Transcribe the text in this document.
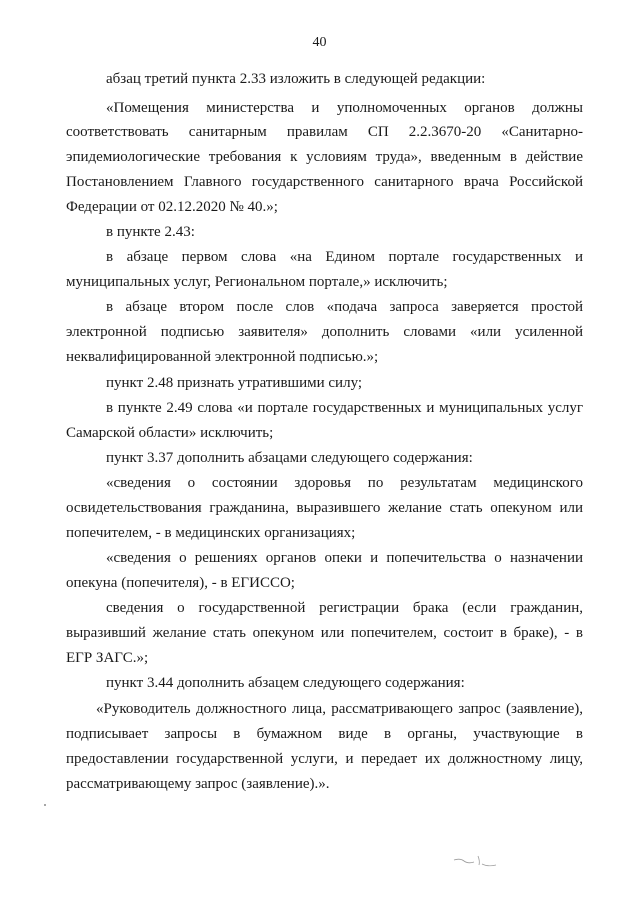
40
абзац третий пункта 2.33 изложить в следующей редакции:
«Помещения министерства и уполномоченных органов должны
соответствовать санитарным правилам СП 2.2.3670-20 «Санитарно-
эпидемиологические требования к условиям труда», введенным в действие
Постановлением Главного государственного санитарного врача Российской
Федерации от 02.12.2020 № 40.»;
в пункте 2.43:
в абзаце первом слова «на Едином портале государственных и
муниципальных услуг, Региональном портале,» исключить;
в абзаце втором после слов «подача запроса заверяется простой
электронной подписью заявителя» дополнить словами «или усиленной
неквалифицированной электронной подписью.»;
пункт 2.48 признать утратившими силу;
в пункте 2.49 слова «и портале государственных и муниципальных услуг
Самарской области» исключить;
пункт 3.37 дополнить абзацами следующего содержания:
«сведения о состоянии здоровья по результатам медицинского
освидетельствования гражданина, выразившего желание стать опекуном или
попечителем, - в медицинских организациях;
«сведения о решениях органов опеки и попечительства о назначении
опекуна (попечителя), - в ЕГИССО;
сведения о государственной регистрации брака (если гражданин,
выразивший желание стать опекуном или попечителем, состоит в браке), - в
ЕГР ЗАГС.»;
пункт 3.44 дополнить абзацем следующего содержания:
«Руководитель должностного лица, рассматривающего запрос (заявление),
подписывает запросы в бумажном виде в органы, участвующие в
предоставлении государственной услуги, и передает их должностному лицу,
рассматривающему запрос (заявление).».
